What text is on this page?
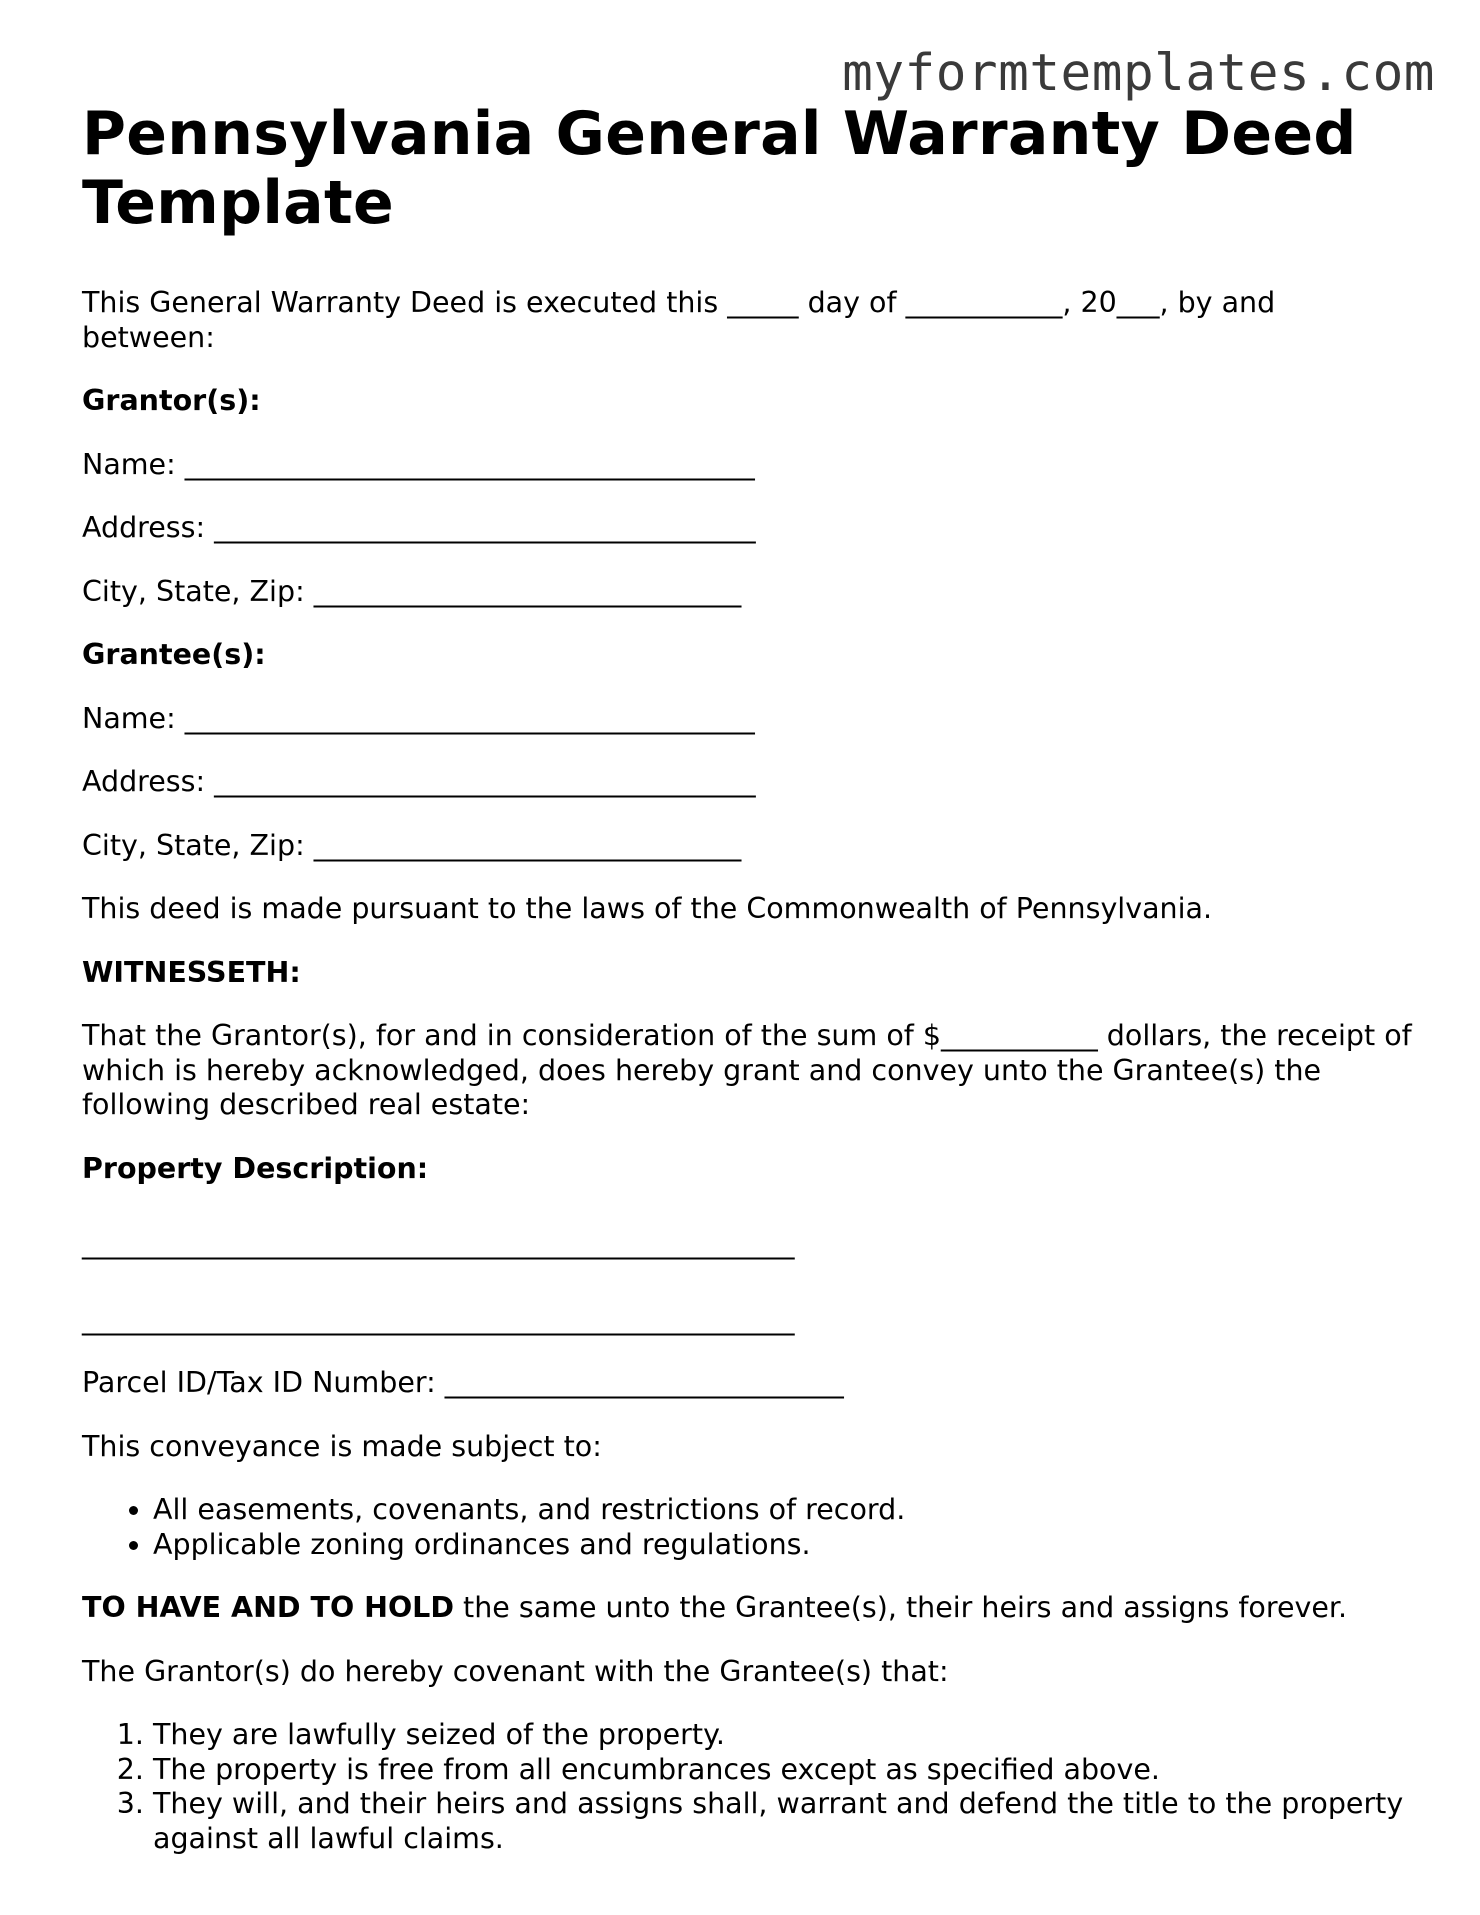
myformtemplates.com
Pennsylvania General Warranty Deed Template

This General Warranty Deed is executed this _____ day of ___________, 20___, by and between:

Grantor(s):

Name: ________________________________________

Address: ______________________________________

City, State, Zip: ______________________________

Grantee(s):

Name: ________________________________________

Address: ______________________________________

City, State, Zip: ______________________________

This deed is made pursuant to the laws of the Commonwealth of Pennsylvania.

WITNESSETH:

That the Grantor(s), for and in consideration of the sum of $___________ dollars, the receipt of which is hereby acknowledged, does hereby grant and convey unto the Grantee(s) the following described real estate:

Property Description:

__________________________________________________

__________________________________________________

Parcel ID/Tax ID Number: ____________________________

This conveyance is made subject to:

• All easements, covenants, and restrictions of record.
• Applicable zoning ordinances and regulations.

TO HAVE AND TO HOLD the same unto the Grantee(s), their heirs and assigns forever.

The Grantor(s) do hereby covenant with the Grantee(s) that:

1. They are lawfully seized of the property.
2. The property is free from all encumbrances except as specified above.
3. They will, and their heirs and assigns shall, warrant and defend the title to the property against all lawful claims.
